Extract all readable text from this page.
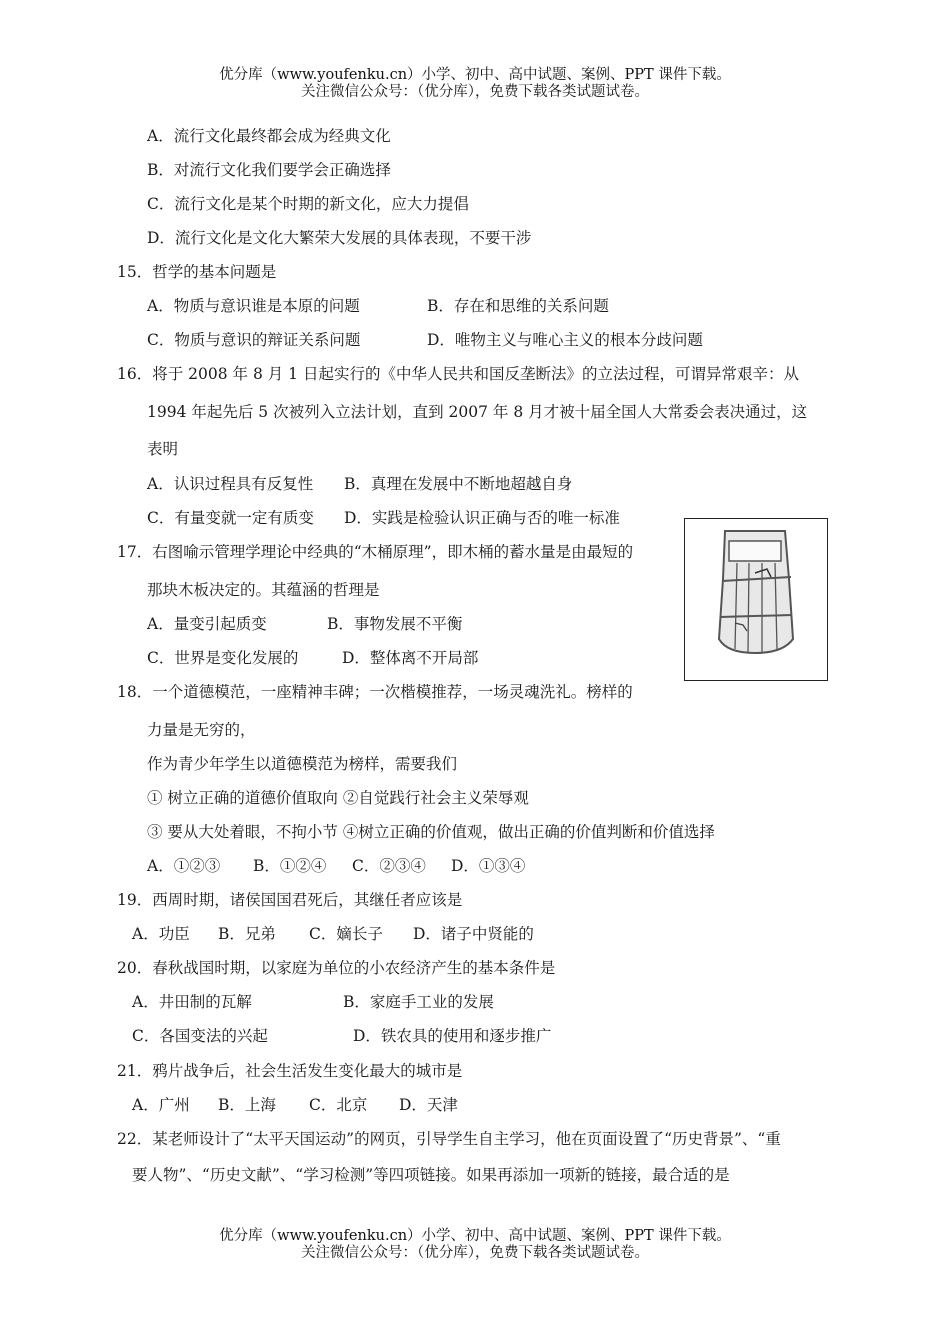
优分库（www.youfenku.cn）小学、初中、高中试题、案例、PPT 课件下载。
关注微信公众号：（优分库），免费下载各类试题试卷。
A．流行文化最终都会成为经典文化
B．对流行文化我们要学会正确选择
C．流行文化是某个时期的新文化，应大力提倡
D．流行文化是文化大繁荣大发展的具体表现，不要干涉
15．哲学的基本问题是
A．物质与意识谁是本原的问题	B．存在和思维的关系问题
C．物质与意识的辩证关系问题	D．唯物主义与唯心主义的根本分歧问题
16．将于 2008 年 8 月 1 日起实行的《中华人民共和国反垄断法》的立法过程，可谓异常艰辛：从
1994 年起先后 5 次被列入立法计划，直到 2007 年 8 月才被十届全国人大常委会表决通过，这
表明
A．认识过程具有反复性 B．真理在发展中不断地超越自身
C．有量变就一定有质变 D．实践是检验认识正确与否的唯一标准
17．右图喻示管理学理论中经典的“木桶原理”，即木桶的蓄水量是由最短的
那块木板决定的。其蕴涵的哲理是
A．量变引起质变	B．事物发展不平衡
C．世界是变化发展的	D．整体离不开局部
18．一个道德模范，一座精神丰碑；一次楷模推荐，一场灵魂洗礼。榜样的
力量是无穷的，
作为青少年学生以道德模范为榜样，需要我们
① 树立正确的道德价值取向 ②自觉践行社会主义荣辱观
③ 要从大处着眼，不拘小节 ④树立正确的价值观，做出正确的价值判断和价值选择
A．①②③ B．①②④ C．②③④ D．①③④
19．西周时期，诸侯国国君死后，其继任者应该是
A．功臣 B．兄弟 C．嫡长子 D．诸子中贤能的
20．春秋战国时期，以家庭为单位的小农经济产生的基本条件是
A．井田制的瓦解	B．家庭手工业的发展
C．各国变法的兴起	D．铁农具的使用和逐步推广
21．鸦片战争后，社会生活发生变化最大的城市是
A．广州 B．上海 C．北京 D．天津
22．某老师设计了“太平天国运动”的网页，引导学生自主学习，他在页面设置了“历史背景”、“重
要人物”、“历史文献”、“学习检测”等四项链接。如果再添加一项新的链接，最合适的是
优分库（www.youfenku.cn）小学、初中、高中试题、案例、PPT 课件下载。
关注微信公众号：（优分库），免费下载各类试题试卷。
